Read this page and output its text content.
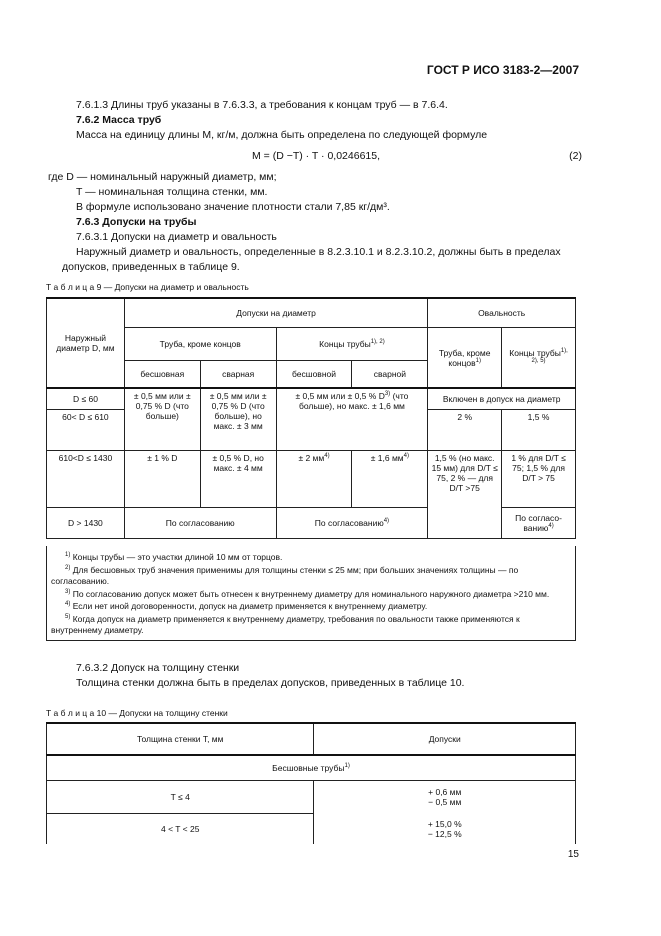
ГОСТ Р ИСО 3183-2—2007

7.6.1.3 Длины труб указаны в 7.6.3.3, а требования к концам труб — в 7.6.4.

7.6.2 Масса труб

Масса на единицу длины M, кг/м, должна быть определена по следующей формуле

M = (D −T) · T · 0,0246615,	(2)

где D — номинальный наружный диаметр, мм;

T — номинальная толщина стенки, мм.

В формуле использовано значение плотности стали 7,85 кг/дм³.

7.6.3 Допуски на трубы

7.6.3.1 Допуски на диаметр и овальность

Наружный диаметр и овальность, определенные в 8.2.3.10.1 и 8.2.3.10.2, должны быть в пределах

допусков, приведенных в таблице 9.

Т а б л и ц а 9 — Допуски на диаметр и овальность
Наружный диаметр D, мм	Допуски на диаметр				Овальность	
	Труба, кроме концов		Концы трубы$^{1), 2)}$		Труба, кроме концов$^{1)}$	Концы трубы$^{1), 2), 5)}$
	бесшовная	сварная	бесшовной	сварной		
D ≤ 60	± 0,5 мм или ± 0,75 % D (что больше)	± 0,5 мм или ± 0,75 % D (что больше), но макс. ± 3 мм	± 0,5 мм или ± 0,5 % $D^{3)}$ (что больше), но макс. ± 1,6 мм		Включен в допуск на диаметр	
60< D ≤ 610					2 %	1,5 %
610<D ≤ 1430	± 1 % D	± 0,5 % D, но макс. ± 4 мм	± 2 $мм^{4)}$	± 1,6 $мм^{4)}$	1,5 % (но макс. 15 мм) для D/T ≤ 75, 2 % — для D/T >75	1 % для D/T ≤ 75; 1,5 % для D/T > 75
D > 1430	По согласованию		По согласованию$^{4)}$			По согласо-ванию$^{4)}$

$^{1)}$ Концы трубы — это участки длиной 10 мм от торцов.

$^{2)}$ Для бесшовных труб значения применимы для толщины стенки ≤ 25 мм; при больших значениях толщины — по согласованию.

$^{3)}$ По согласованию допуск может быть отнесен к внутреннему диаметру для номинального наружного диаметра >210 мм.

$^{4)}$ Если нет иной договоренности, допуск на диаметр применяется к внутреннему диаметру.

$^{5)}$ Когда допуск на диаметр применяется к внутреннему диаметру, требования по овальности также применяются к внутреннему диаметру.

7.6.3.2 Допуск на толщину стенки

Толщина стенки должна быть в пределах допусков, приведенных в таблице 10.

Т а б л и ц а 10 — Допуски на толщину стенки
Толщина стенки T, мм	Допуски
Бесшовные трубы$^{1)}$
T ≤ 4	+ 0,6 мм
− 0,5 мм

4 < T < 25	+ 15,0 %
− 12,5 %
15
